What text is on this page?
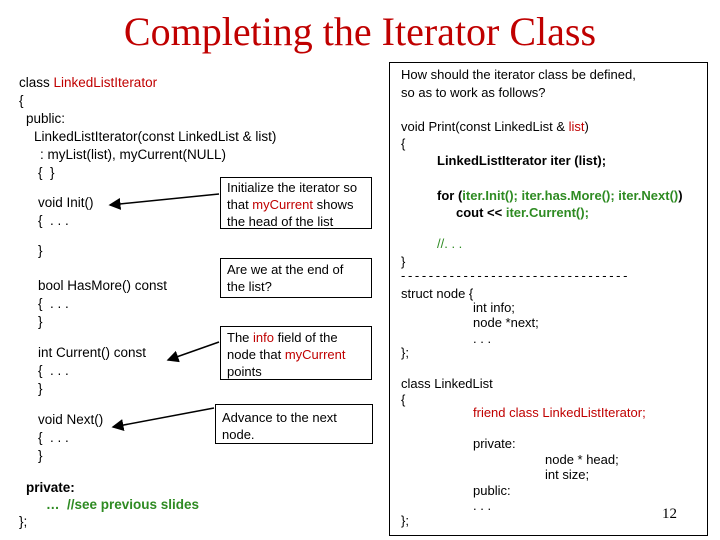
Completing the Iterator Class
class LinkedListIterator
{
public:
LinkedListIterator(const LinkedList & list)
: myList(list), myCurrent(NULL)
{  }
void Init()
{  . . .
}
bool HasMore() const
{  . . .
}
int Current() const
{  . . .
}
void Next()
{  . . .
}
private:
…  //see previous slides
};
Initialize the iterator so
that myCurrent shows
the head of the list
Are we at the end of
the list?
The info field of the
node that myCurrent
points
Advance to the next
node.
How should the iterator class be defined,
so as to work as follows?
void Print(const LinkedList & list)
{
LinkedListIterator iter (list);
for (iter.Init(); iter.has.More(); iter.Next())
cout << iter.Current();
//. . .
}
- - - - - - - - - - - - - - - - - - - - - - - - - - - - - - - - -
struct node {
int info;
node *next;
. . .
};
class LinkedList
{
friend class LinkedListIterator;
private:
node * head;
int size;
public:
. . .
};	12
